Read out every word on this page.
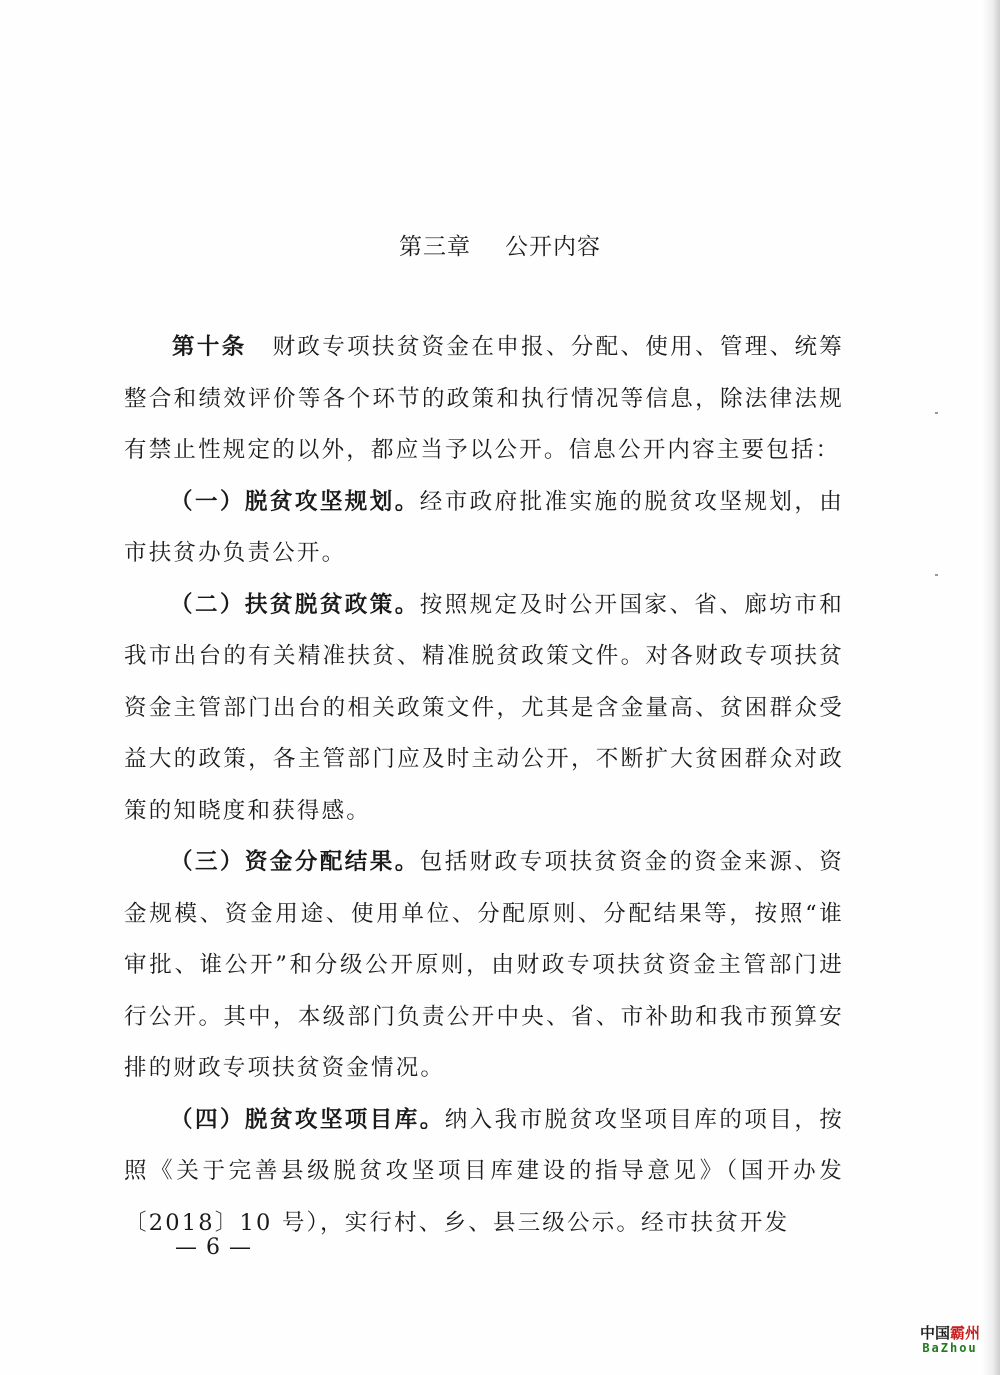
第三章 公开内容

第十条 财政专项扶贫资金在申报、分配、使用、管理、统筹整合和绩效评价等各个环节的政策和执行情况等信息，除法律法规有禁止性规定的以外，都应当予以公开。信息公开内容主要包括：

（一）脱贫攻坚规划。经市政府批准实施的脱贫攻坚规划，由市扶贫办负责公开。

（二）扶贫脱贫政策。按照规定及时公开国家、省、廊坊市和我市出台的有关精准扶贫、精准脱贫政策文件。对各财政专项扶贫资金主管部门出台的相关政策文件，尤其是含金量高、贫困群众受益大的政策，各主管部门应及时主动公开，不断扩大贫困群众对政策的知晓度和获得感。

（三）资金分配结果。包括财政专项扶贫资金的资金来源、资金规模、资金用途、使用单位、分配原则、分配结果等，按照“谁审批、谁公开”和分级公开原则，由财政专项扶贫资金主管部门进行公开。其中，本级部门负责公开中央、省、市补助和我市预算安排的财政专项扶贫资金情况。

（四）脱贫攻坚项目库。纳入我市脱贫攻坚项目库的项目，按照《关于完善县级脱贫攻坚项目库建设的指导意见》（国开办发〔2018〕10 号），实行村、乡、县三级公示。经市扶贫开发

— 6 —
中国霸州
BaZhou
